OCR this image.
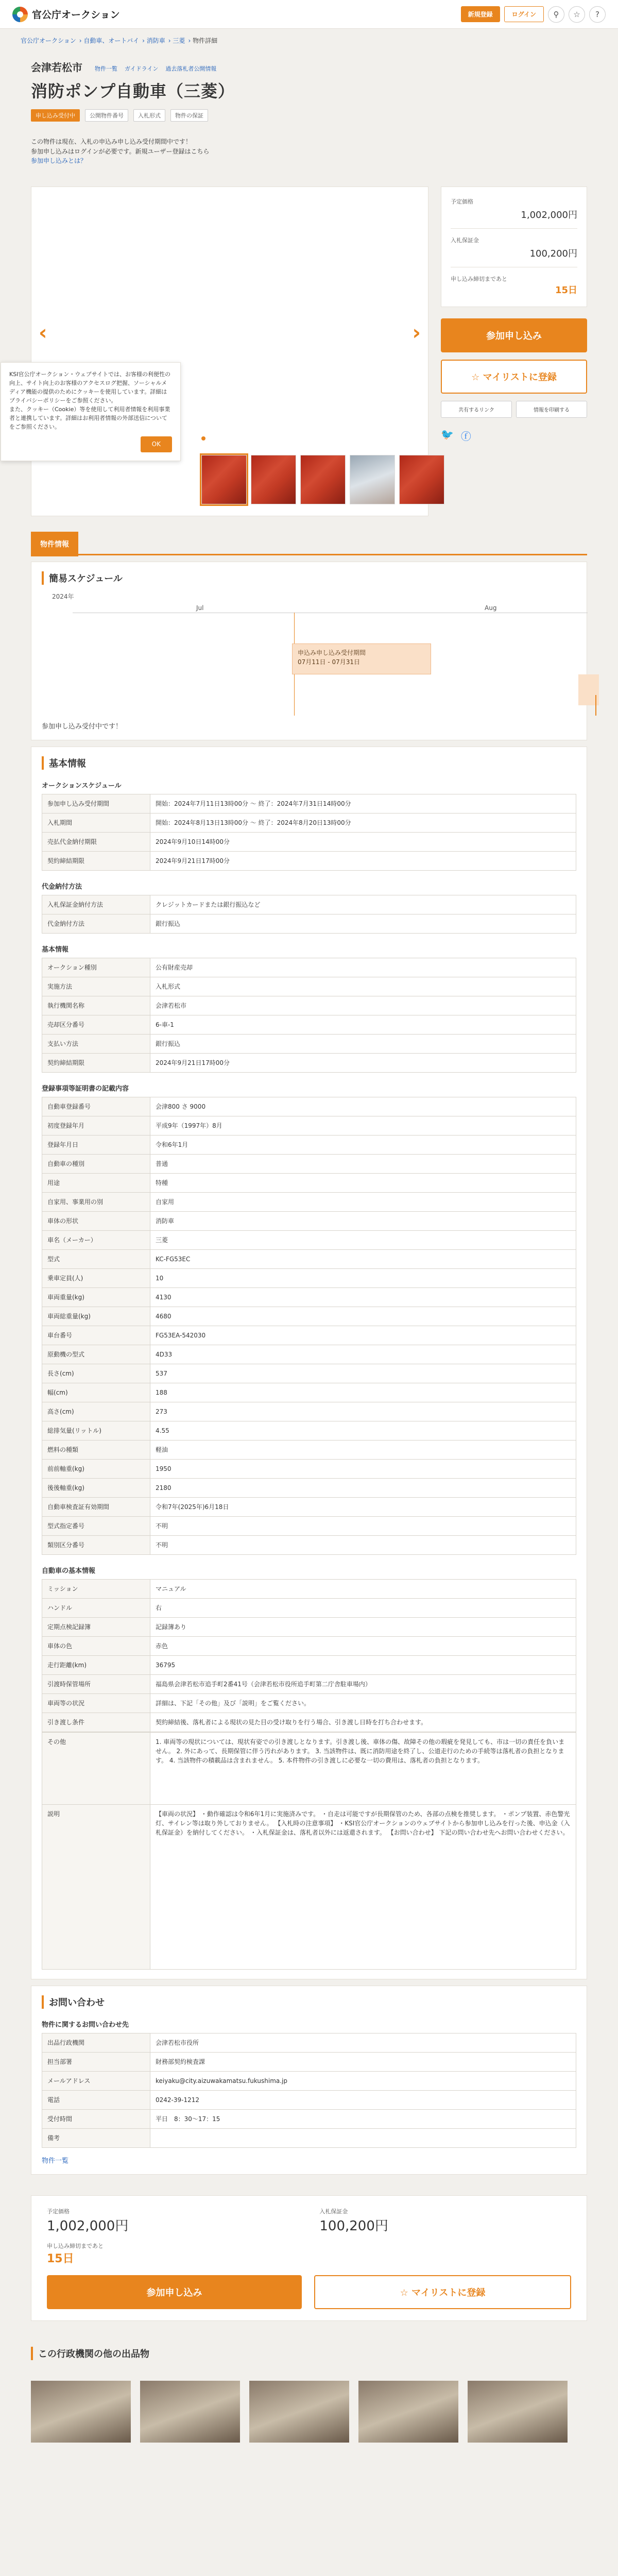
官公庁オークション	新規登録	ログイン	⚲	☆	?
官公庁オークション › 自動車、オートバイ › 消防車 › 三菱 › 物件詳細
会津若松市 物件一覧 ガイドライン 過去落札者公開情報
消防ポンプ自動車（三菱）
申し込み受付中	公開物件番号	入札形式	物件の保証
この物件は現在、入札の申込み申し込み受付期間中です！
参加申し込みはログインが必要です。新規ユーザー登録はこちら
参加申し込みとは？
‹	›
KSI官公庁オークション・ウェブサイトでは、お客様の利便性の向上、サイト向上のお客様のアクセスログ把握、ソーシャルメディア機能の提供のためにクッキーを使用しています。詳細はプライバシーポリシーをご参照ください。
また、クッキー（Cookie）等を使用して利用者情報を利用事業者と連携しています。詳細はお利用者情報の外部送信についてをご参照ください。
OK
予定価格
1,002,000円
入札保証金
100,200円
申し込み締切まであと
15日
参加申し込み
☆ マイリストに登録
共有するリンク	情報を印刷する
🐦 ⓕ
物件情報
簡易スケジュール
2024年
Jul	Aug
申込み申し込み受付期間
07月11日 - 07月31日
参加申し込み受付中です！
基本情報
オークションスケジュール
参加申し込み受付期間	開始：2024年7月11日13時00分 ～ 終了：2024年7月31日14時00分
入札期間	開始：2024年8月13日13時00分 ～ 終了：2024年8月20日13時00分
売払代金納付期限	2024年9月10日14時00分
契約締結期限	2024年9月21日17時00分
代金納付方法
入札保証金納付方法	クレジットカードまたは銀行振込など
代金納付方法	銀行振込
基本情報
オークション種別	公有財産売却
実施方法	入札形式
執行機関名称	会津若松市
売却区分番号	6-車-1
支払い方法	銀行振込
契約締結期限	2024年9月21日17時00分
登録事項等証明書の記載内容
自動車登録番号	会津800 さ 9000
初度登録年月	平成9年（1997年）8月
登録年月日	令和6年1月
自動車の種別	普通
用途	特種
自家用、事業用の別	自家用
車体の形状	消防車
車名（メーカー）	三菱
型式	KC-FG53EC
乗車定員(人)	10
車両重量(kg)	4130
車両総重量(kg)	4680
車台番号	FG53EA-542030
原動機の型式	4D33
長さ(cm)	537
幅(cm)	188
高さ(cm)	273
総排気量(リットル)	4.55
燃料の種類	軽油
前前軸重(kg)	1950
後後軸重(kg)	2180
自動車検査証有効期間	令和7年(2025年)6月18日
型式指定番号	不明
類別区分番号	不明
自動車の基本情報
ミッション	マニュアル
ハンドル	右
定期点検記録簿	記録簿あり
車体の色	赤色
走行距離(km)	36795
引渡時保管場所	福島県会津若松市追手町2番41号（会津若松市役所追手町第二庁舎駐車場内）
車両等の状況	詳細は、下記「その他」及び「説明」をご覧ください。
引き渡し条件	契約締結後、落札者による現状の見た目の受け取りを行う場合、引き渡し日時を打ち合わせます。
その他	1. 車両等の現状については、現状有姿での引き渡しとなります。引き渡し後、車体の傷、故障その他の瑕疵を発見しても、市は一切の責任を負いません。 2. 外にあって、長期保管に伴う汚れがあります。 3. 当該物件は、既に消防用途を終了し、公道走行のための手続等は落札者の負担となります。 4. 当該物件の積載品は含まれません。 5. 本件物件の引き渡しに必要な一切の費用は、落札者の負担となります。
説明	【車両の状況】 ・動作確認は令和6年1月に実施済みです。 ・自走は可能ですが長期保管のため、各部の点検を推奨します。 ・ポンプ装置、赤色警光灯、サイレン等は取り外しておりません。 【入札時の注意事項】 ・KSI官公庁オークションのウェブサイトから参加申し込みを行った後、申込金（入札保証金）を納付してください。 ・入札保証金は、落札者以外には返還されます。 【お問い合わせ】 下記の問い合わせ先へお問い合わせください。
お問い合わせ
物件に関するお問い合わせ先
出品行政機関	会津若松市役所
担当部署	財務部契約検査課
メールアドレス	keiyaku@city.aizuwakamatsu.fukushima.jp
電話	0242-39-1212
受付時間	平日　8：30～17：15
備考	
物件一覧
予定価格
1,002,000円
入札保証金
100,200円
申し込み締切まであと
15日
参加申し込み	☆ マイリストに登録
この行政機関の他の出品物
